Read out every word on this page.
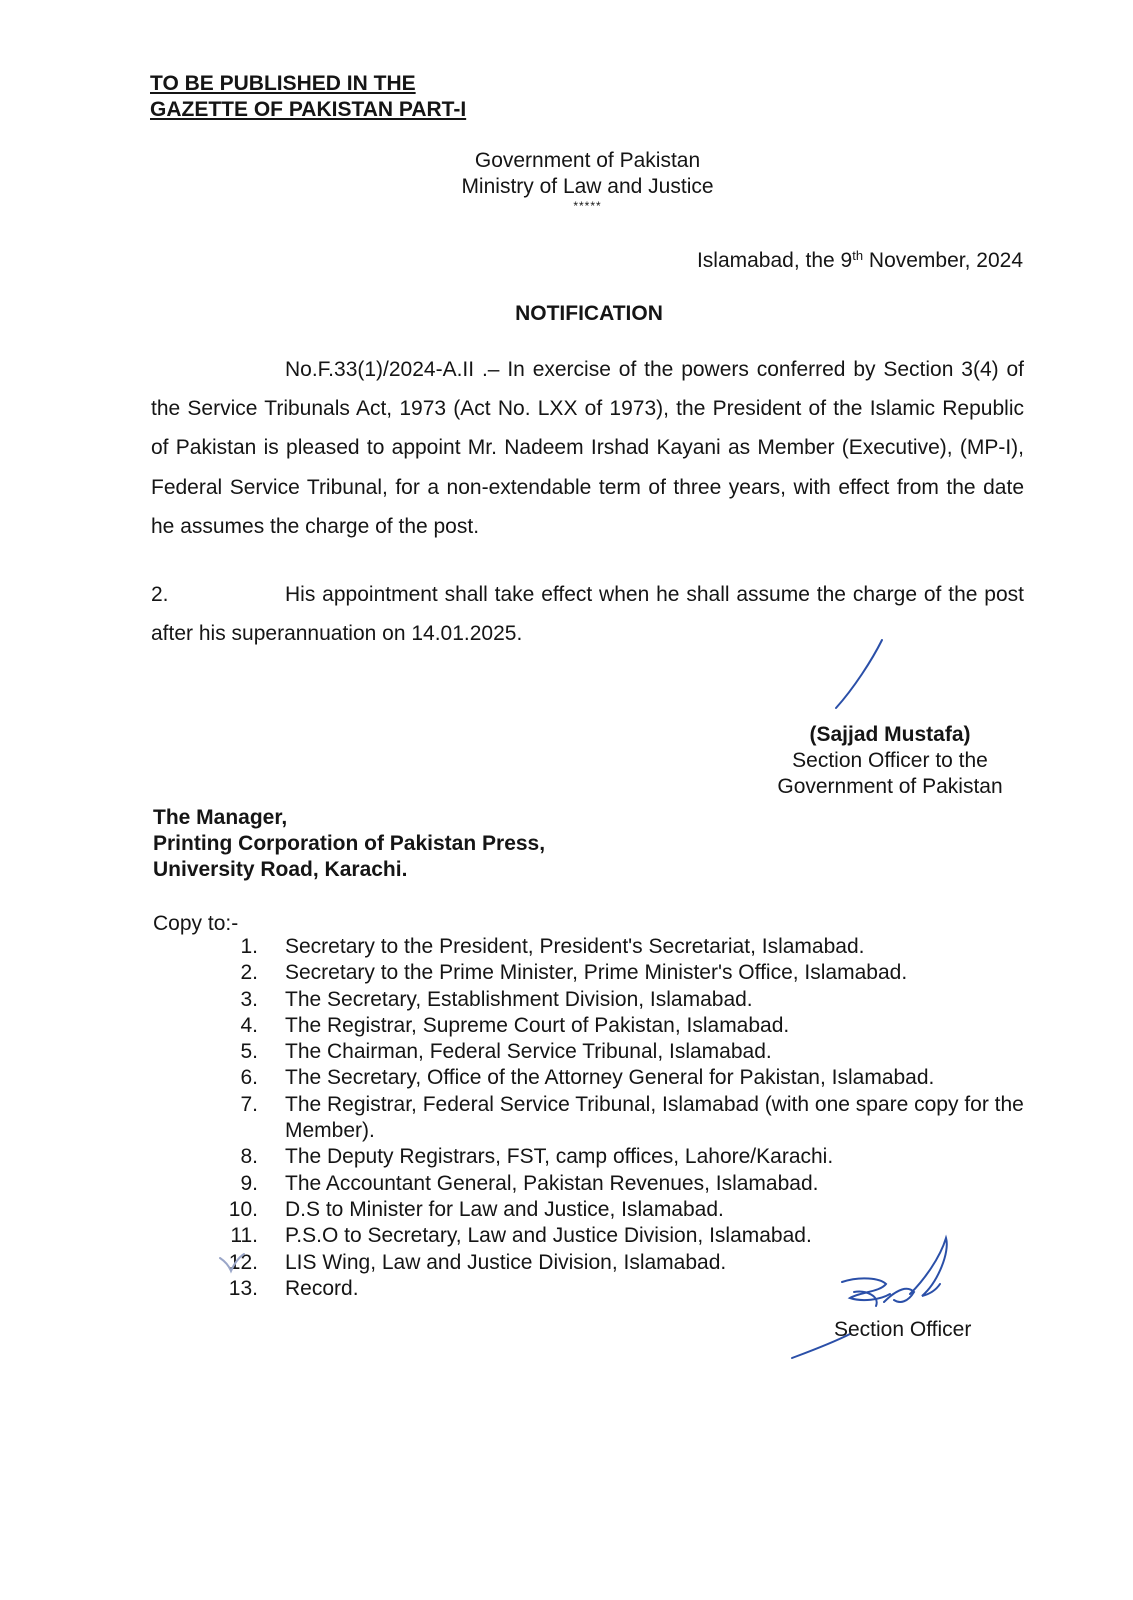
TO BE PUBLISHED IN THE
GAZETTE OF PAKISTAN PART-I
Government of Pakistan
Ministry of Law and Justice
*****
Islamabad, the 9th November, 2024
NOTIFICATION
No.F.33(1)/2024-A.II .– In exercise of the powers conferred by Section 3(4) of the Service Tribunals Act, 1973 (Act No. LXX of 1973), the President of the Islamic Republic of Pakistan is pleased to appoint Mr. Nadeem Irshad Kayani as Member (Executive), (MP-I), Federal Service Tribunal, for a non-extendable term of three years, with effect from the date he assumes the charge of the post.
2.	His appointment shall take effect when he shall assume the charge of the post after his superannuation on 14.01.2025.
(Sajjad Mustafa)
Section Officer to the
Government of Pakistan
The Manager,
Printing Corporation of Pakistan Press,
University Road, Karachi.
Copy to:-
1.	Secretary to the President, President's Secretariat, Islamabad.
2.	Secretary to the Prime Minister, Prime Minister's Office, Islamabad.
3.	The Secretary, Establishment Division, Islamabad.
4.	The Registrar, Supreme Court of Pakistan, Islamabad.
5.	The Chairman, Federal Service Tribunal, Islamabad.
6.	The Secretary, Office of the Attorney General for Pakistan, Islamabad.
7.	The Registrar, Federal Service Tribunal, Islamabad (with one spare copy for the Member).
8.	The Deputy Registrars, FST, camp offices, Lahore/Karachi.
9.	The Accountant General, Pakistan Revenues, Islamabad.
10.	D.S to Minister for Law and Justice, Islamabad.
11.	P.S.O to Secretary, Law and Justice Division, Islamabad.
12.	LIS Wing, Law and Justice Division, Islamabad.
13.	Record.
Section Officer
